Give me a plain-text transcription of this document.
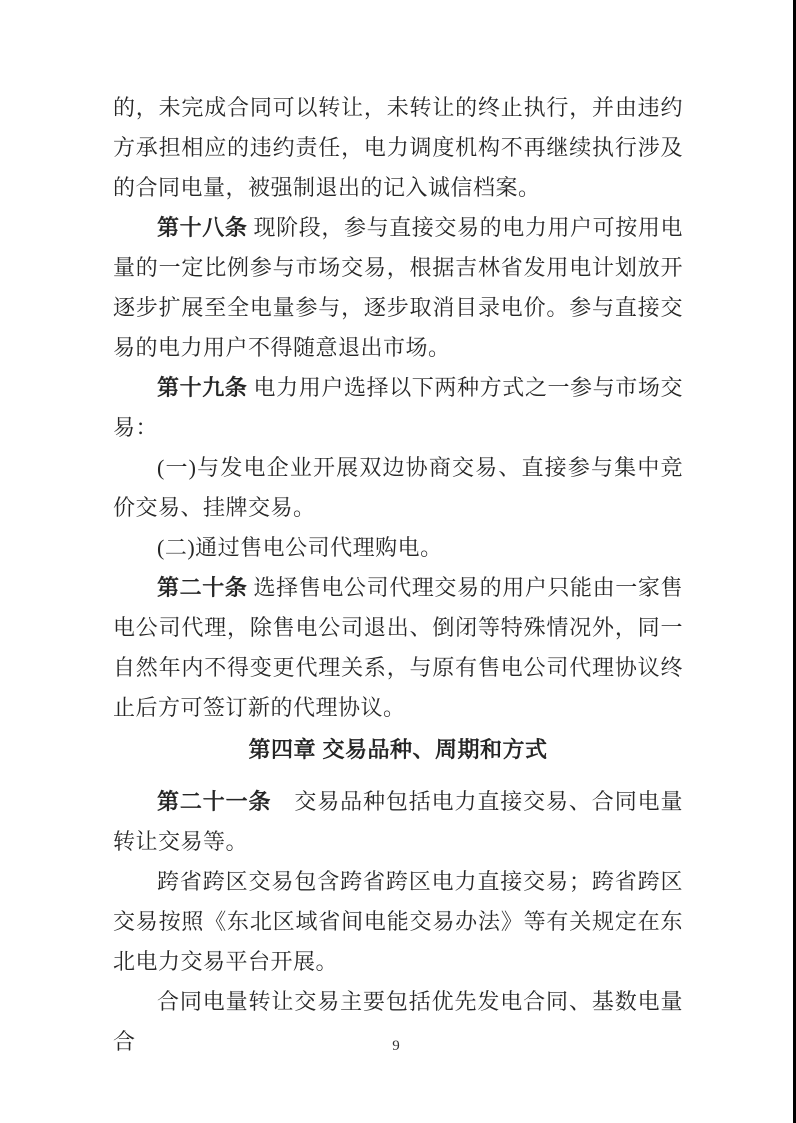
的，未完成合同可以转让，未转让的终止执行，并由违约方承担相应的违约责任，电力调度机构不再继续执行涉及的合同电量，被强制退出的记入诚信档案。

第十八条 现阶段，参与直接交易的电力用户可按用电量的一定比例参与市场交易，根据吉林省发用电计划放开逐步扩展至全电量参与，逐步取消目录电价。参与直接交易的电力用户不得随意退出市场。

第十九条 电力用户选择以下两种方式之一参与市场交易：

(一)与发电企业开展双边协商交易、直接参与集中竞价交易、挂牌交易。

(二)通过售电公司代理购电。

第二十条 选择售电公司代理交易的用户只能由一家售电公司代理，除售电公司退出、倒闭等特殊情况外，同一自然年内不得变更代理关系，与原有售电公司代理协议终止后方可签订新的代理协议。

第四章 交易品种、周期和方式

第二十一条　 交易品种包括电力直接交易、合同电量转让交易等。

跨省跨区交易包含跨省跨区电力直接交易；跨省跨区交易按照《东北区域省间电能交易办法》等有关规定在东北电力交易平台开展。

合同电量转让交易主要包括优先发电合同、基数电量合	9
